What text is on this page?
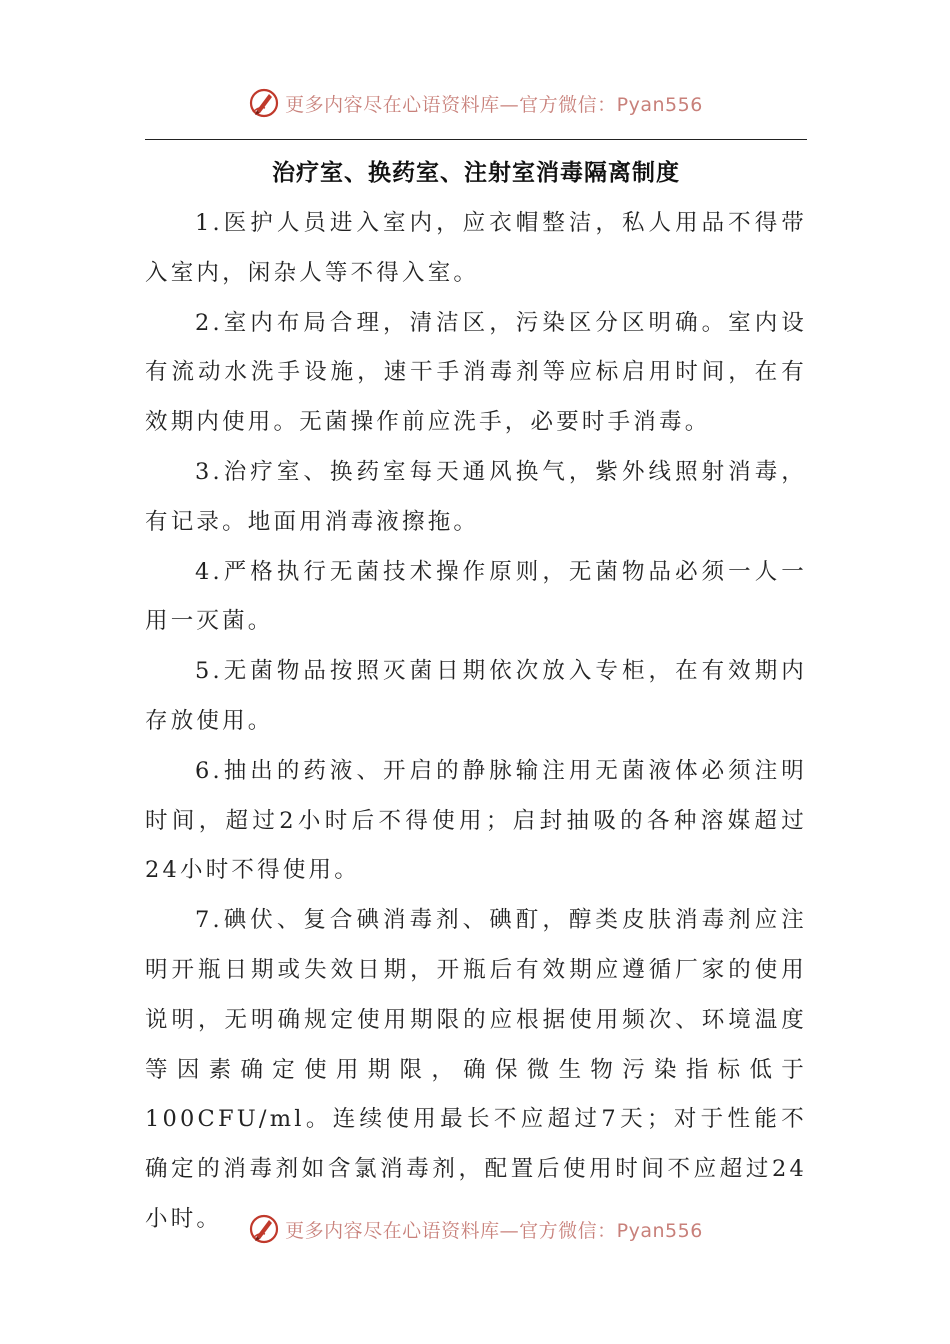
更多内容尽在心语资料库—官方微信：Pyan556
治疗室、换药室、注射室消毒隔离制度

1.医护人员进入室内，应衣帽整洁，私人用品不得带入室内，闲杂人等不得入室。

2.室内布局合理，清洁区，污染区分区明确。室内设有流动水洗手设施，速干手消毒剂等应标启用时间，在有效期内使用。无菌操作前应洗手，必要时手消毒。

3.治疗室、换药室每天通风换气，紫外线照射消毒，有记录。地面用消毒液擦拖。

4.严格执行无菌技术操作原则，无菌物品必须一人一用一灭菌。

5.无菌物品按照灭菌日期依次放入专柜，在有效期内存放使用。

6.抽出的药液、开启的静脉输注用无菌液体必须注明时间，超过2小时后不得使用；启封抽吸的各种溶媒超过24小时不得使用。

7.碘伏、复合碘消毒剂、碘酊，醇类皮肤消毒剂应注明开瓶日期或失效日期，开瓶后有效期应遵循厂家的使用说明，无明确规定使用期限的应根据使用频次、环境温度等因素确定使用期限，确保微生物污染指标低于100CFU/ml。连续使用最长不应超过7天；对于性能不确定的消毒剂如含氯消毒剂，配置后使用时间不应超过24小时。	更多内容尽在心语资料库—官方微信：Pyan556
